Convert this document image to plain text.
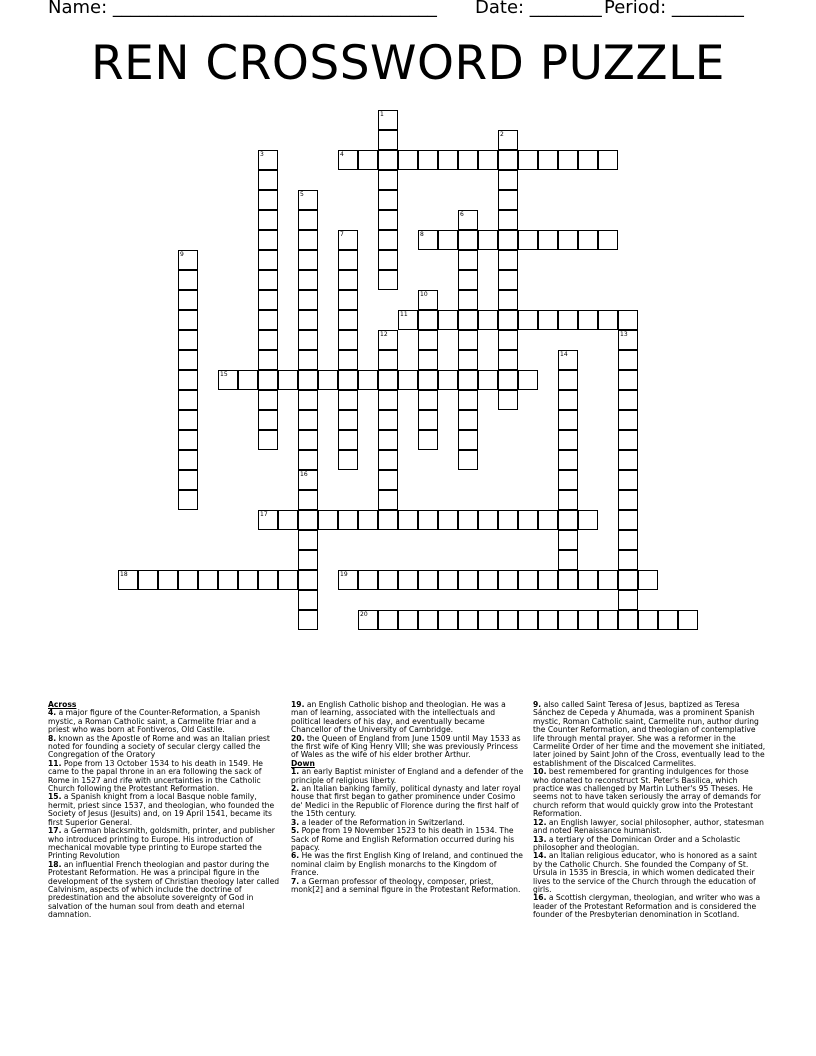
Name: ____________________________________ Date: ________ Period: ________
REN CROSSWORD PUZZLE
1
2
3	4
5
16
6
7	8
9
10
11
12	13
14
15
17
18	19
20

Across

4. a major figure of the Counter-Reformation, a Spanish mystic, a Roman Catholic saint, a Carmelite friar and a priest who was born at Fontiveros, Old Castile.

8. known as the Apostle of Rome and was an Italian priest noted for founding a society of secular clergy called the Congregation of the Oratory

11. Pope from 13 October 1534 to his death in 1549. He came to the papal throne in an era following the sack of Rome in 1527 and rife with uncertainties in the Catholic Church following the Protestant Reformation.

15. a Spanish knight from a local Basque noble family, hermit, priest since 1537, and theologian, who founded the Society of Jesus (Jesuits) and, on 19 April 1541, became its first Superior General.

17. a German blacksmith, goldsmith, printer, and publisher who introduced printing to Europe. His introduction of mechanical movable type printing to Europe started the Printing Revolution

18. an influential French theologian and pastor during the Protestant Reformation. He was a principal figure in the development of the system of Christian theology later called Calvinism, aspects of which include the doctrine of predestination and the absolute sovereignty of God in salvation of the human soul from death and eternal damnation.

19. an English Catholic bishop and theologian. He was a man of learning, associated with the intellectuals and political leaders of his day, and eventually became Chancellor of the University of Cambridge.

20. the Queen of England from June 1509 until May 1533 as the first wife of King Henry VIII; she was previously Princess of Wales as the wife of his elder brother Arthur.

Down

1. an early Baptist minister of England and a defender of the principle of religious liberty.

2. an Italian banking family, political dynasty and later royal house that first began to gather prominence under Cosimo de' Medici in the Republic of Florence during the first half of the 15th century.

3. a leader of the Reformation in Switzerland.

5. Pope from 19 November 1523 to his death in 1534. The Sack of Rome and English Reformation occurred during his papacy.

6. He was the first English King of Ireland, and continued the nominal claim by English monarchs to the Kingdom of France.

7. a German professor of theology, composer, priest, monk[2] and a seminal figure in the Protestant Reformation.

9. also called Saint Teresa of Jesus, baptized as Teresa Sánchez de Cepeda y Ahumada, was a prominent Spanish mystic, Roman Catholic saint, Carmelite nun, author during the Counter Reformation, and theologian of contemplative life through mental prayer. She was a reformer in the Carmelite Order of her time and the movement she initiated, later joined by Saint John of the Cross, eventually lead to the establishment of the Discalced Carmelites.

10. best remembered for granting indulgences for those who donated to reconstruct St. Peter's Basilica, which practice was challenged by Martin Luther's 95 Theses. He seems not to have taken seriously the array of demands for church reform that would quickly grow into the Protestant Reformation.

12. an English lawyer, social philosopher, author, statesman and noted Renaissance humanist.

13. a tertiary of the Dominican Order and a Scholastic philosopher and theologian.

14. an Italian religious educator, who is honored as a saint by the Catholic Church. She founded the Company of St. Ursula in 1535 in Brescia, in which women dedicated their lives to the service of the Church through the education of girls.

16. a Scottish clergyman, theologian, and writer who was a leader of the Protestant Reformation and is considered the founder of the Presbyterian denomination in Scotland.
